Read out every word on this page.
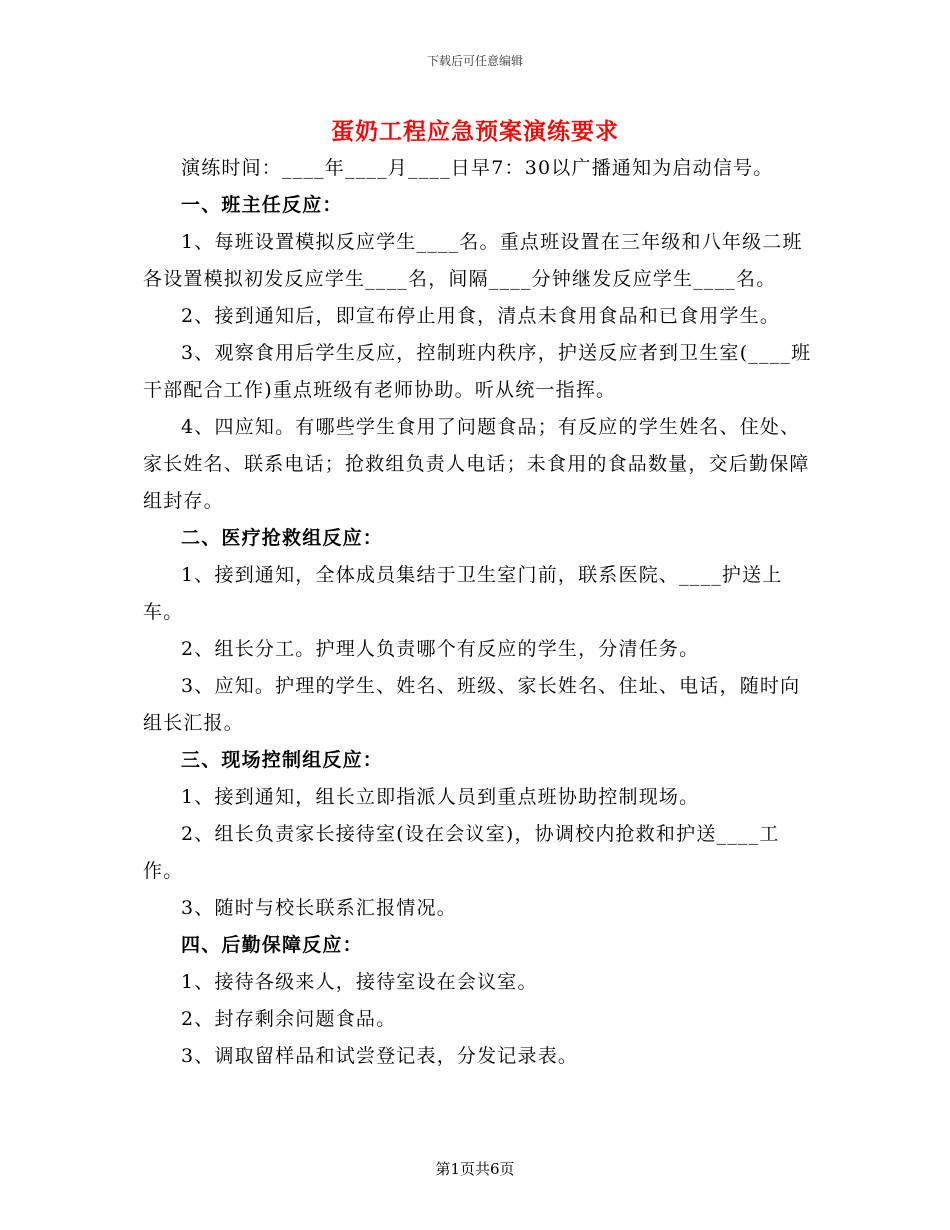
下载后可任意编辑
蛋奶工程应急预案演练要求

演练时间：____年____月____日早7：30以广播通知为启动信号。

一、班主任反应：

1、每班设置模拟反应学生____名。重点班设置在三年级和八年级二班各设置模拟初发反应学生____名，间隔____分钟继发反应学生____名。

2、接到通知后，即宣布停止用食，清点未食用食品和已食用学生。

3、观察食用后学生反应，控制班内秩序，护送反应者到卫生室(____班干部配合工作)重点班级有老师协助。听从统一指挥。

4、四应知。有哪些学生食用了问题食品；有反应的学生姓名、住处、家长姓名、联系电话；抢救组负责人电话；未食用的食品数量，交后勤保障组封存。

二、医疗抢救组反应：

1、接到通知，全体成员集结于卫生室门前，联系医院、____护送上车。

2、组长分工。护理人负责哪个有反应的学生，分清任务。

3、应知。护理的学生、姓名、班级、家长姓名、住址、电话，随时向组长汇报。

三、现场控制组反应：

1、接到通知，组长立即指派人员到重点班协助控制现场。

2、组长负责家长接待室(设在会议室)，协调校内抢救和护送____工作。

3、随时与校长联系汇报情况。

四、后勤保障反应：

1、接待各级来人，接待室设在会议室。

2、封存剩余问题食品。

3、调取留样品和试尝登记表，分发记录表。

第1页共6页
